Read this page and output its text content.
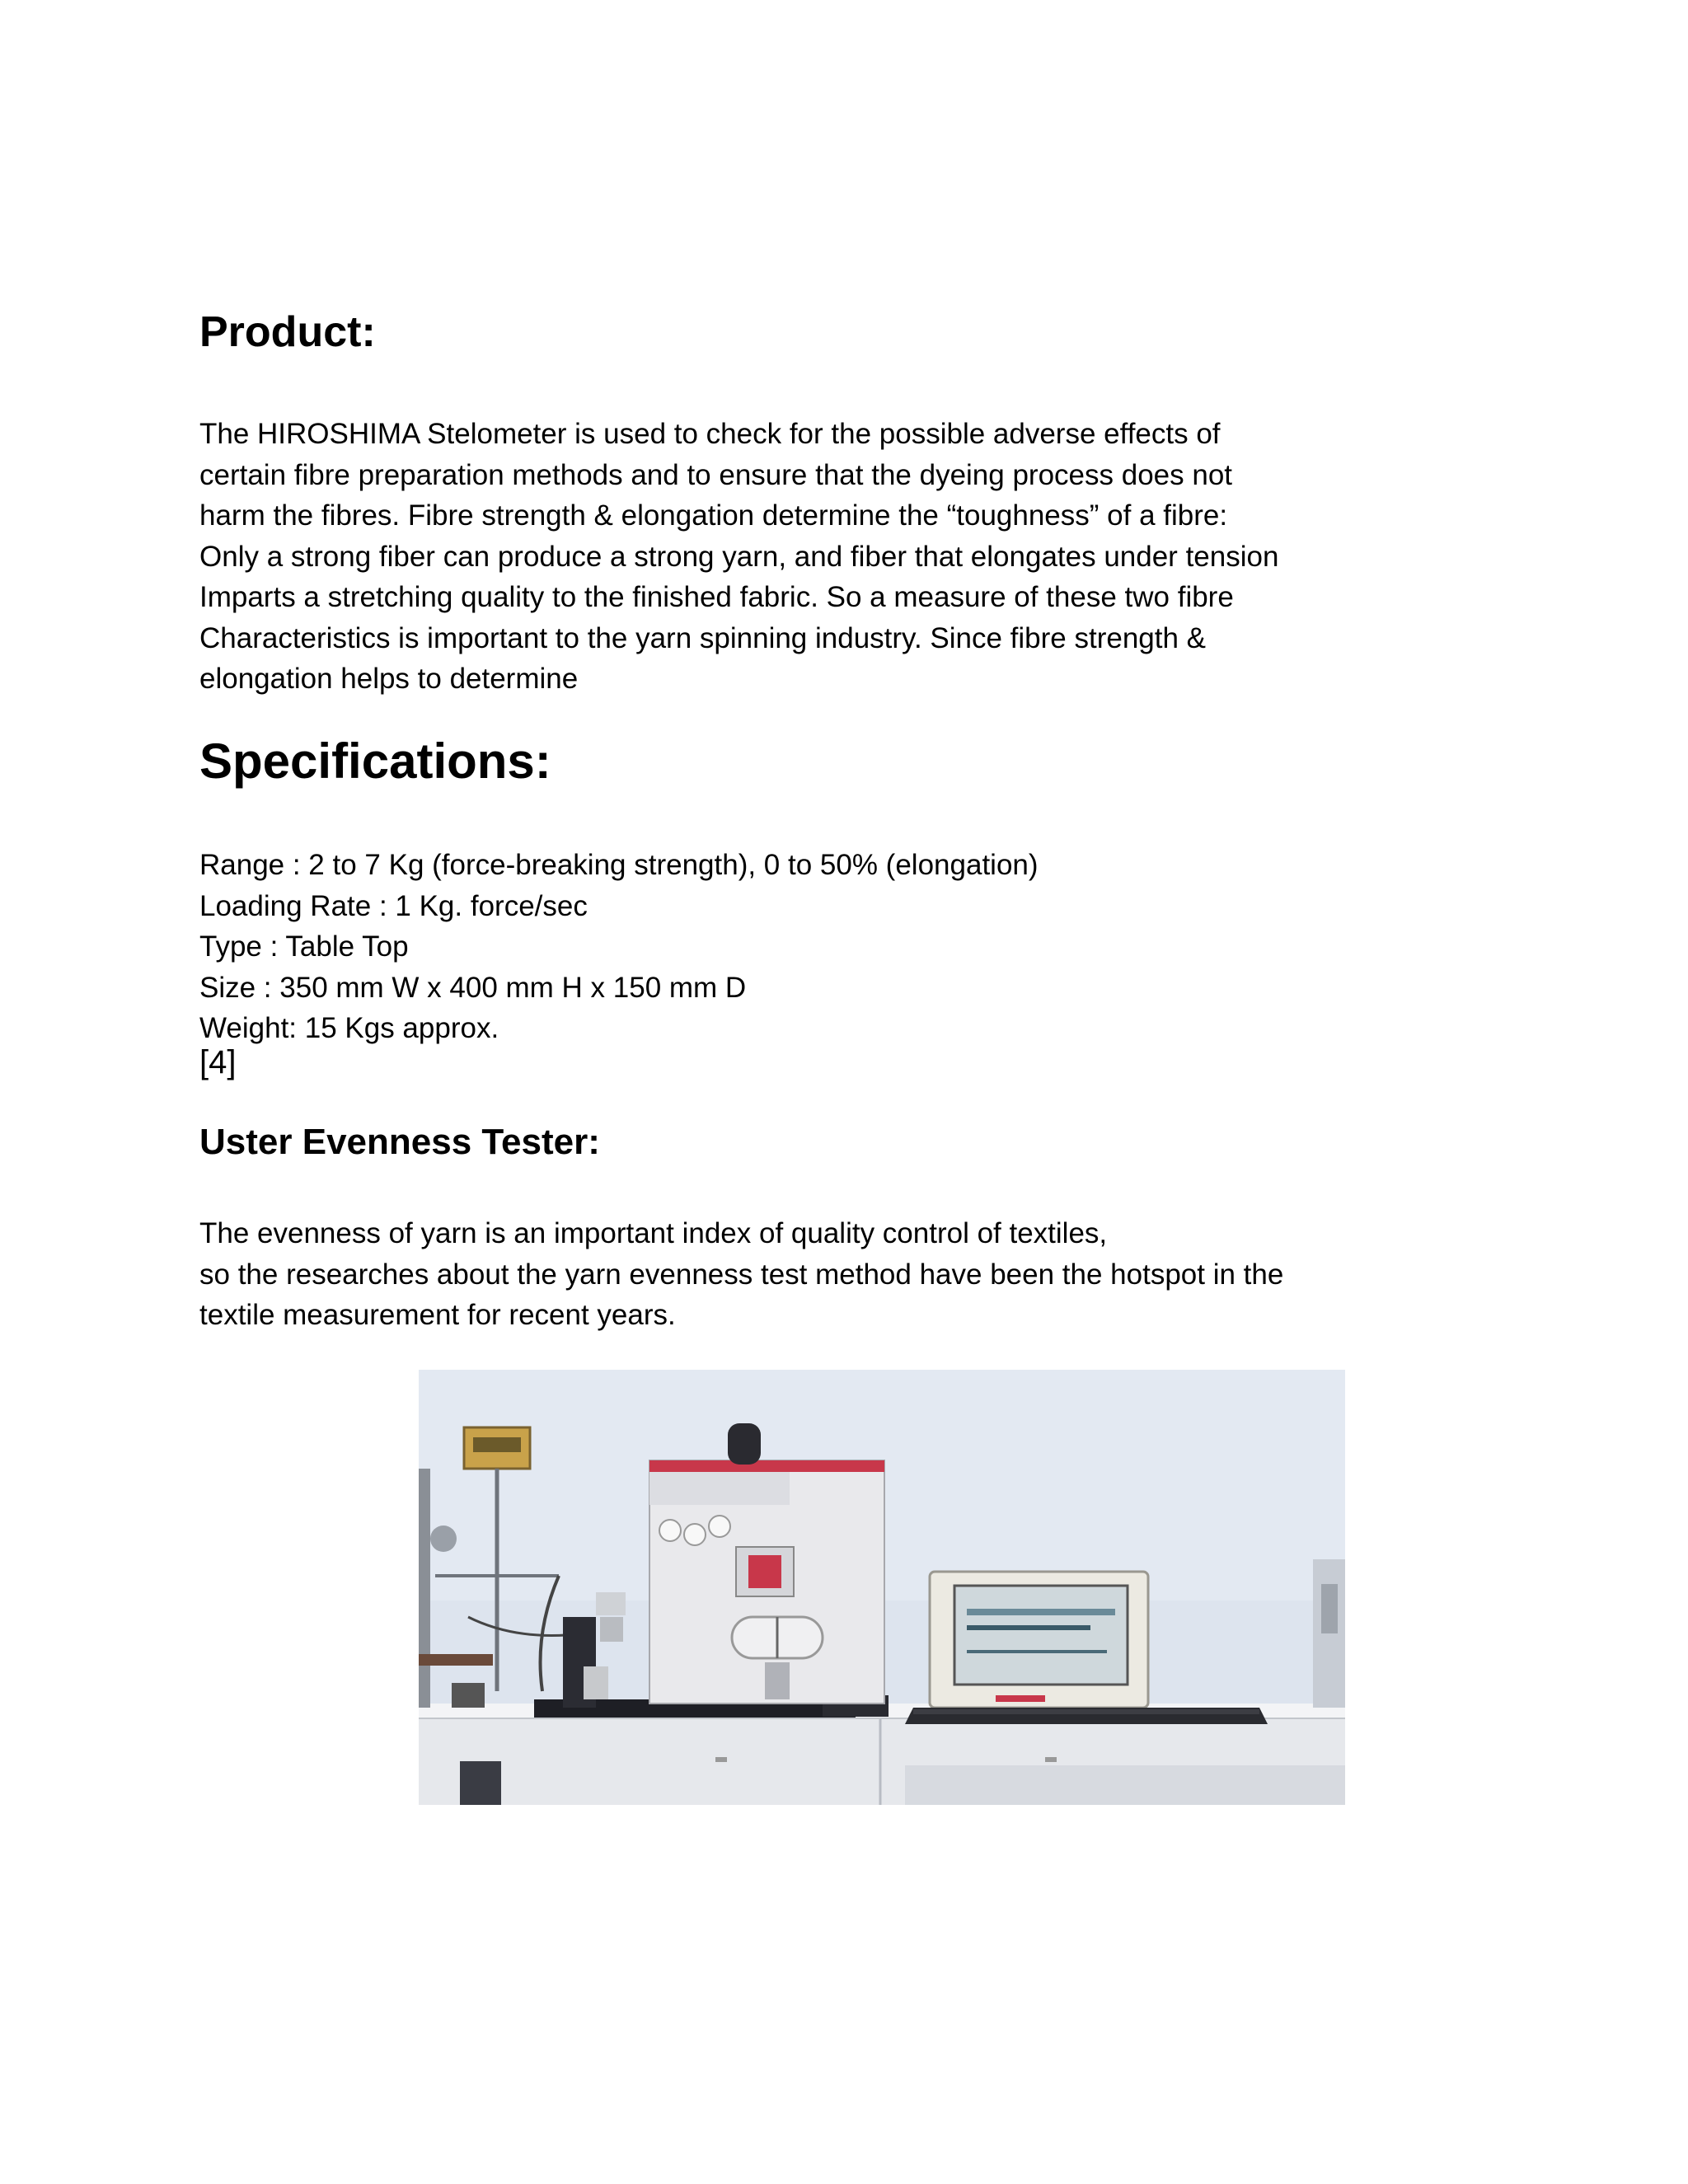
Product:

The HIROSHIMA Stelometer is used to check for the possible adverse effects of
certain fibre preparation methods and to ensure that the dyeing process does not
harm the fibres. Fibre strength & elongation determine the “toughness” of a fibre:
Only a strong fiber can produce a strong yarn, and fiber that elongates under tension
Imparts a stretching quality to the finished fabric. So a measure of these two fibre
Characteristics is important to the yarn spinning industry. Since fibre strength &
elongation helps to determine

Specifications:
Range : 2 to 7 Kg (force-breaking strength), 0 to 50% (elongation)
Loading Rate : 1 Kg. force/sec
Type : Table Top
Size : 350 mm W x 400 mm H x 150 mm D
Weight: 15 Kgs approx.

[4]

Uster Evenness Tester:

The evenness of yarn is an important index of quality control of textiles,
so the researches about the yarn evenness test method have been the hotspot in the
textile measurement for recent years.
